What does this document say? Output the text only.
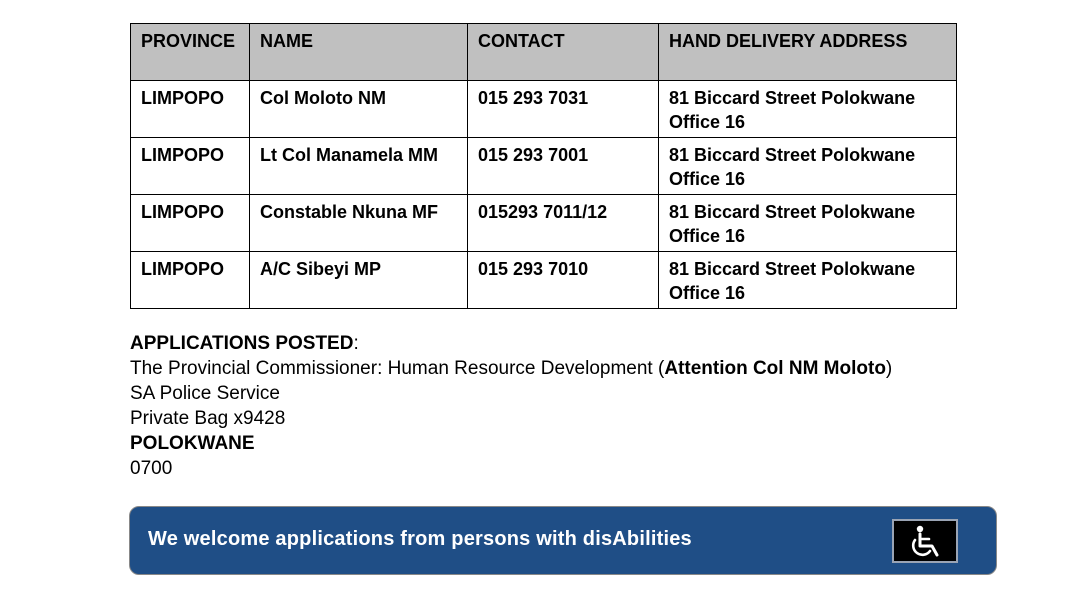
PROVINCE	NAME	CONTACT	HAND DELIVERY ADDRESS
LIMPOPO	Col Moloto NM	015 293 7031	81 Biccard Street Polokwane
Office 16

LIMPOPO	Lt Col Manamela MM	015 293 7001	81 Biccard Street Polokwane
Office 16

LIMPOPO	Constable Nkuna MF	015293 7011/12	81 Biccard Street Polokwane
Office 16

LIMPOPO	A/C Sibeyi MP	015 293 7010	81 Biccard Street Polokwane
Office 16
APPLICATIONS POSTED:
The Provincial Commissioner: Human Resource Development (Attention Col NM Moloto)
SA Police Service
Private Bag x9428
POLOKWANE
0700
We welcome applications from persons with disAbilities
